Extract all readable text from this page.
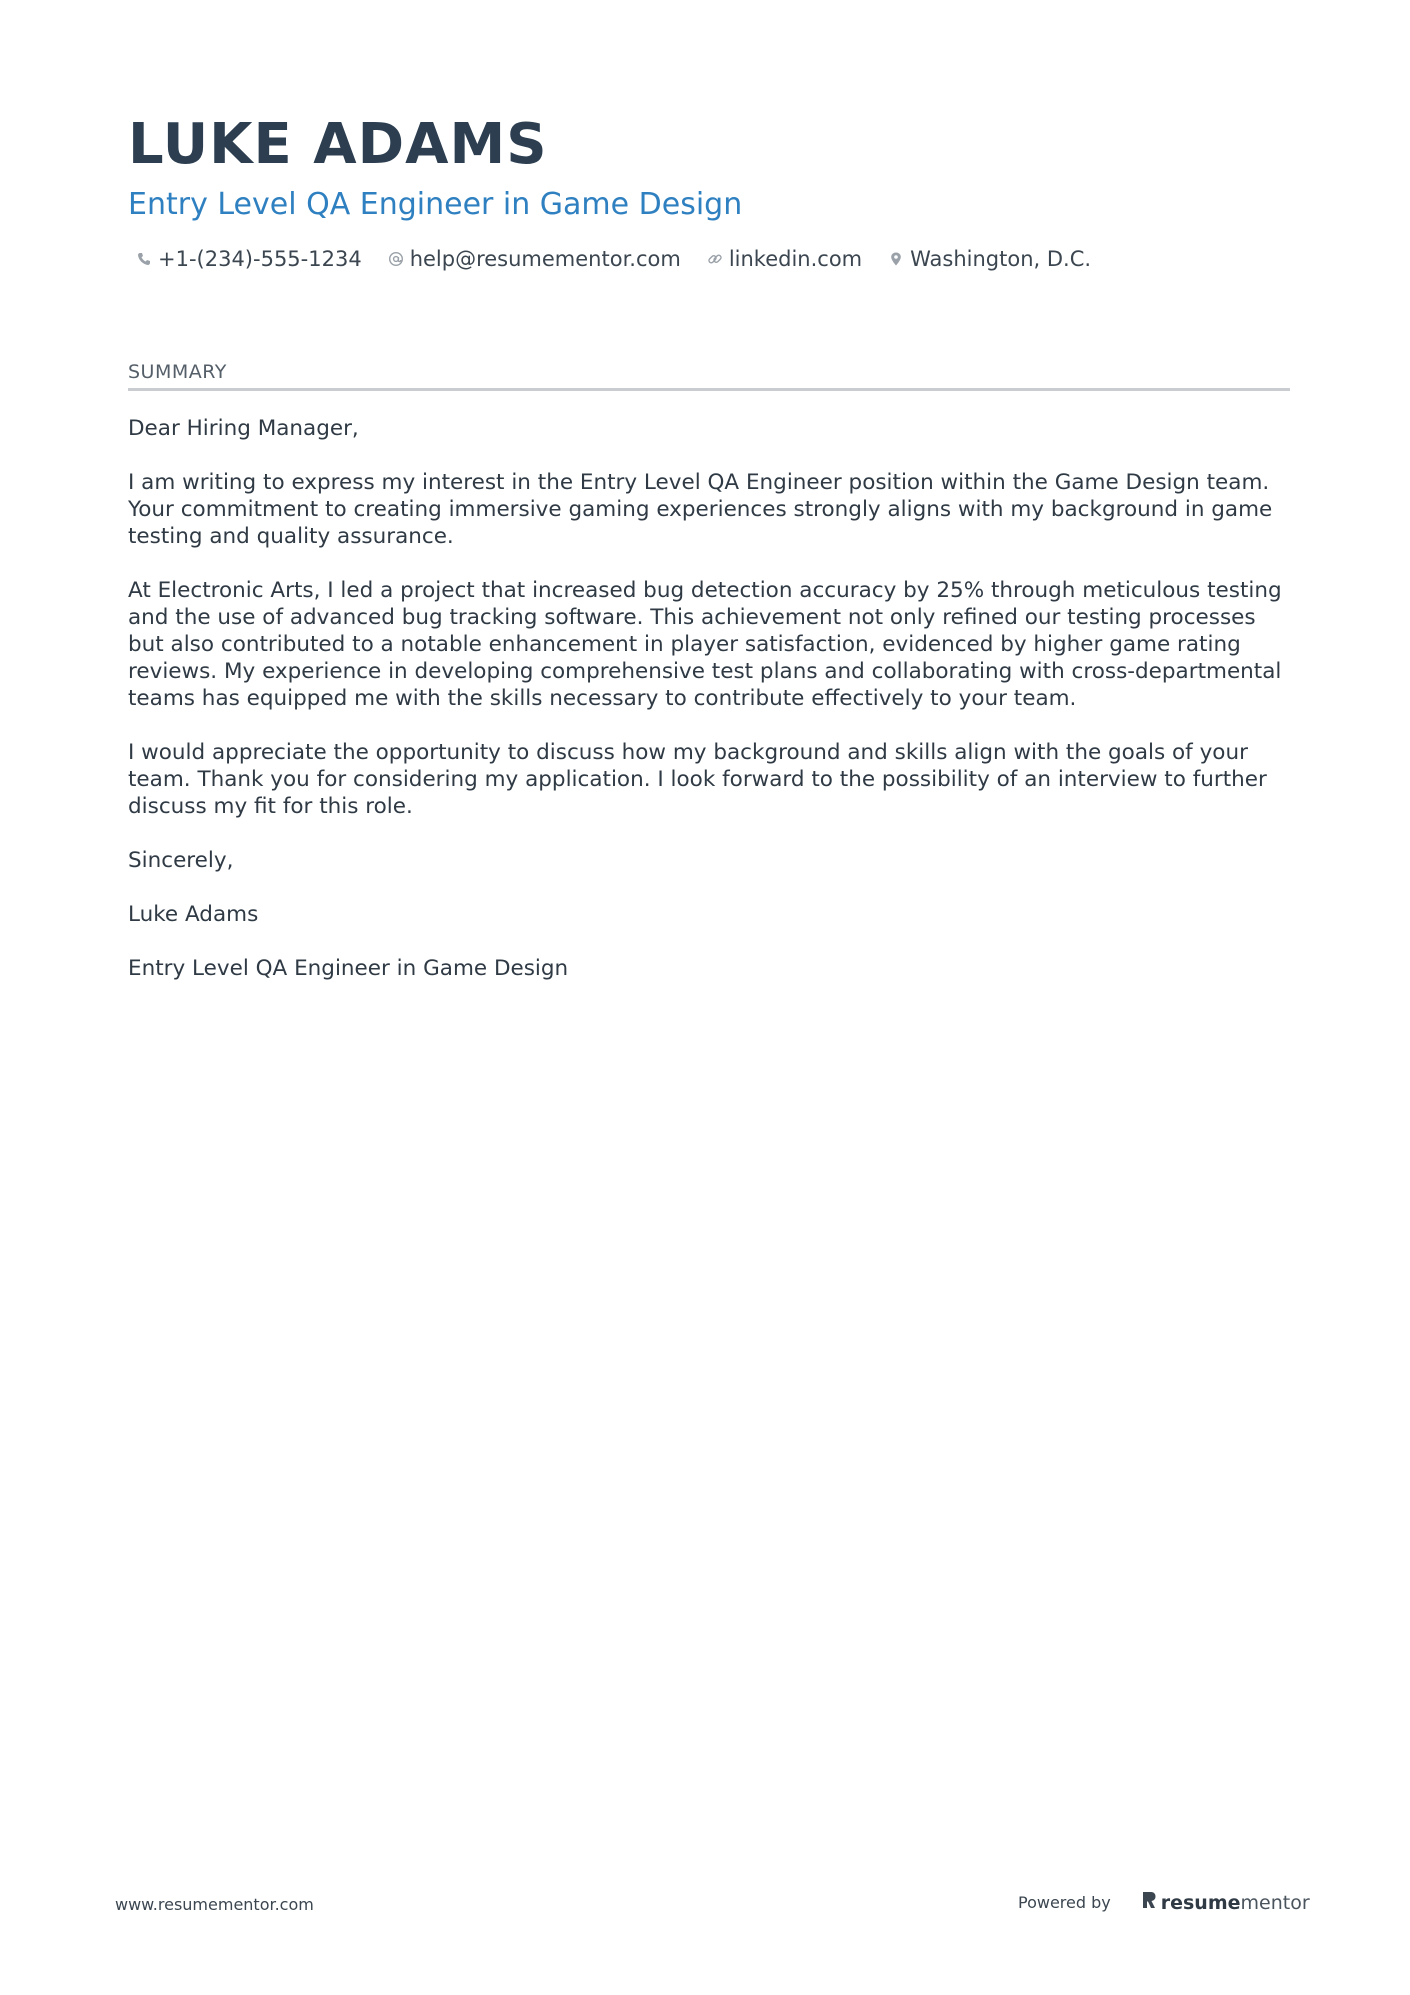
LUKE ADAMS
Entry Level QA Engineer in Game Design
+1-(234)-555-1234 help@resumementor.com linkedin.com Washington, D.C.
SUMMARY

Dear Hiring Manager,

I am writing to express my interest in the Entry Level QA Engineer position within the Game Design team. Your commitment to creating immersive gaming experiences strongly aligns with my background in game testing and quality assurance.

At Electronic Arts, I led a project that increased bug detection accuracy by 25% through meticulous testing and the use of advanced bug tracking software. This achievement not only refined our testing processes but also contributed to a notable enhancement in player satisfaction, evidenced by higher game rating reviews. My experience in developing comprehensive test plans and collaborating with cross-departmental teams has equipped me with the skills necessary to contribute effectively to your team.

I would appreciate the opportunity to discuss how my background and skills align with the goals of your team. Thank you for considering my application. I look forward to the possibility of an interview to further discuss my fit for this role.

Sincerely,

Luke Adams

Entry Level QA Engineer in Game Design

www.resumementor.com	Powered by	resume mentor
